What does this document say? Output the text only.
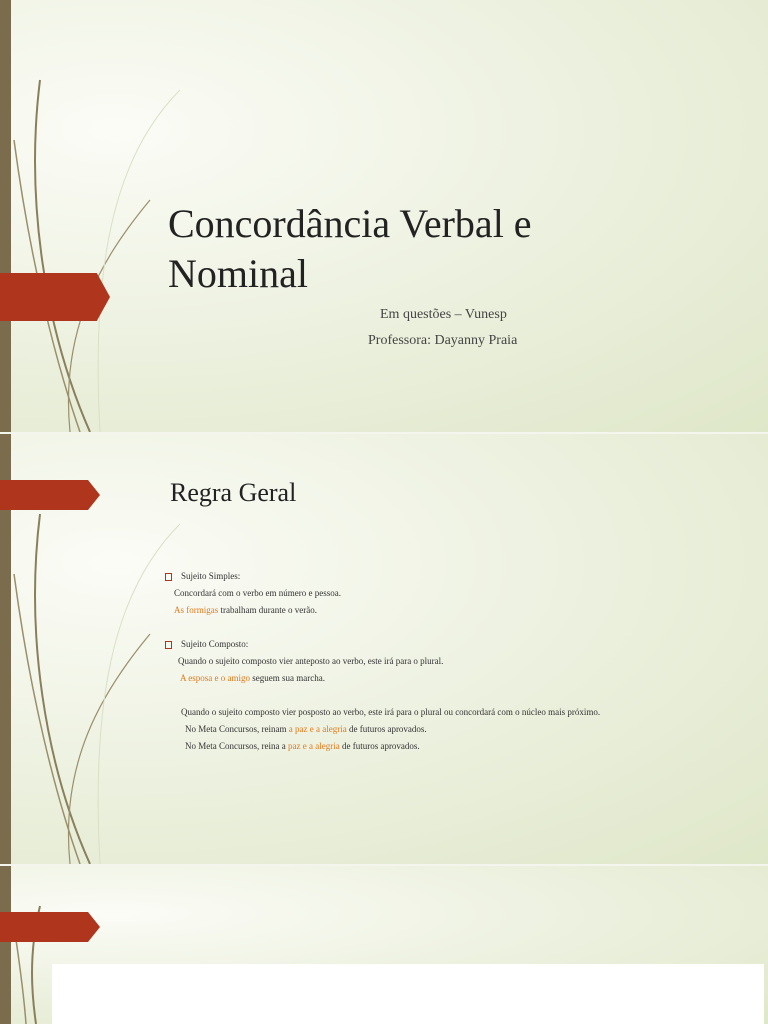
Concordância Verbal e Nominal
Em questões – Vunesp
Professora: Dayanny Praia
Regra Geral
Sujeito Simples:
Concordará com o verbo em número e pessoa.
As formigas trabalham durante o verão.
Sujeito Composto:
Quando o sujeito composto vier anteposto ao verbo, este irá para o plural.
A esposa e o amigo seguem sua marcha.
Quando o sujeito composto vier posposto ao verbo, este irá para o plural ou concordará com o núcleo mais próximo.
No Meta Concursos, reinam a paz e a alegria de futuros aprovados.
No Meta Concursos, reina a paz e a alegria de futuros aprovados.
